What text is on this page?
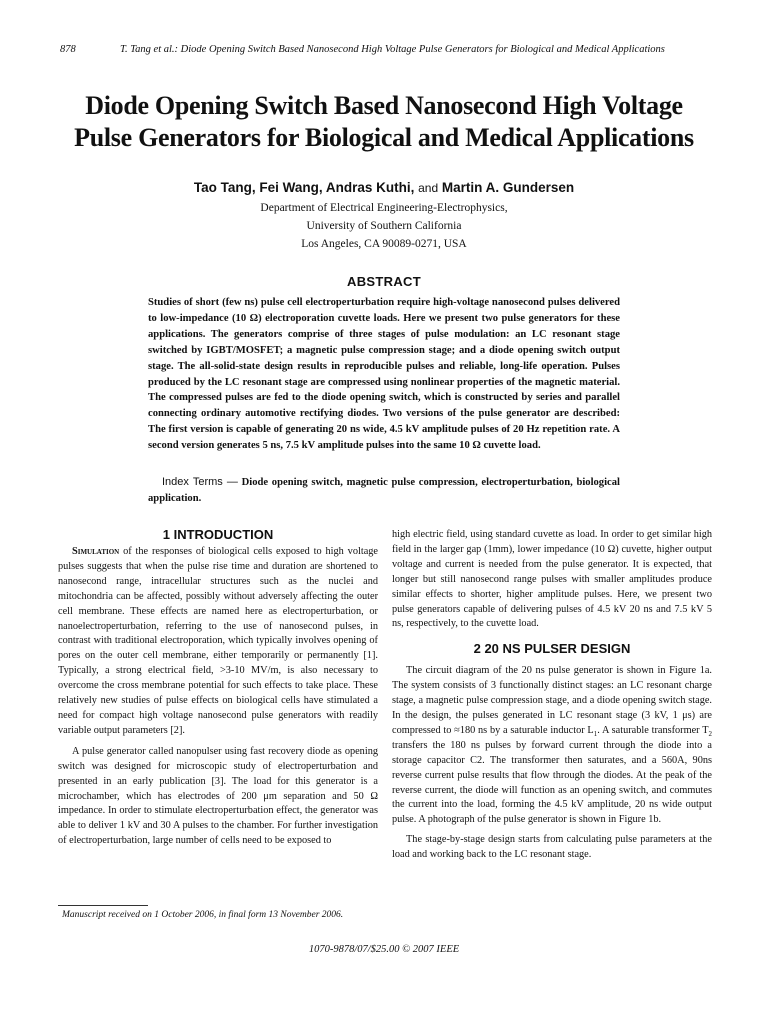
878	T. Tang et al.: Diode Opening Switch Based Nanosecond High Voltage Pulse Generators for Biological and Medical Applications
Diode Opening Switch Based Nanosecond High Voltage
Pulse Generators for Biological and Medical Applications
Tao Tang, Fei Wang, Andras Kuthi, and Martin A. Gundersen
Department of Electrical Engineering-Electrophysics,
University of Southern California
Los Angeles, CA 90089-0271, USA
ABSTRACT
Studies of short (few ns) pulse cell electroperturbation require high-voltage nanosecond pulses delivered to low-impedance (10 Ω) electroporation cuvette loads. Here we present two pulse generators for these applications. The generators comprise of three stages of pulse modulation: an LC resonant stage switched by IGBT/MOSFET; a magnetic pulse compression stage; and a diode opening switch output stage. The all-solid-state design results in reproducible pulses and reliable, long-life operation. Pulses produced by the LC resonant stage are compressed using nonlinear properties of the magnetic material. The compressed pulses are fed to the diode opening switch, which is constructed by series and parallel connecting ordinary automotive rectifying diodes. Two versions of the pulse generator are described: The first version is capable of generating 20 ns wide, 4.5 kV amplitude pulses of 20 Hz repetition rate. A second version generates 5 ns, 7.5 kV amplitude pulses into the same 10 Ω cuvette load.
Index Terms — Diode opening switch, magnetic pulse compression, electroperturbation, biological application.
1 INTRODUCTION

Simulation of the responses of biological cells exposed to high voltage pulses suggests that when the pulse rise time and duration are shortened to nanosecond range, intracellular structures such as the nuclei and mitochondria can be affected, possibly without adversely affecting the outer cell membrane. These effects are named here as electroperturbation, or nanoelectroperturbation, referring to the use of nanosecond pulses, in contrast with traditional electroporation, which typically involves opening of pores on the outer cell membrane, either temporarily or permanently [1]. Typically, a strong electrical field, >3-10 MV/m, is also necessary to overcome the cross membrane potential for such effects to take place. These relatively new studies of pulse effects on biological cells have stimulated a need for compact high voltage nanosecond pulse generators with readily variable output parameters [2].

A pulse generator called nanopulser using fast recovery diode as opening switch was designed for microscopic study of electroperturbation and presented in an early publication [3]. The load for this generator is a microchamber, which has electrodes of 200 μm separation and 50 Ω impedance. In order to stimulate electroperturbation effect, the generator was able to deliver 1 kV and 30 A pulses to the chamber. For further investigation of electroperturbation, large number of cells need to be exposed to

high electric field, using standard cuvette as load. In order to get similar high field in the larger gap (1mm), lower impedance (10 Ω) cuvette, higher output voltage and current is needed from the pulse generator. It is expected, that longer but still nanosecond range pulses with smaller amplitudes produce similar effects to shorter, higher amplitude pulses. Here, we present two pulse generators capable of delivering pulses of 4.5 kV 20 ns and 7.5 kV 5 ns, respectively, to the cuvette load.

2 20 NS PULSER DESIGN

The circuit diagram of the 20 ns pulse generator is shown in Figure 1a. The system consists of 3 functionally distinct stages: an LC resonant charge stage, a magnetic pulse compression stage, and a diode opening switch stage. In the design, the pulses generated in LC resonant stage (3 kV, 1 μs) are compressed to ≈180 ns by a saturable inductor $L_1$. A saturable transformer $T_2$ transfers the 180 ns pulses by forward current through the diode into a storage capacitor C2. The transformer then saturates, and a 560A, 90ns reverse current pulse results that flow through the diodes. At the peak of the reverse current, the diode will function as an opening switch, and commutes the current into the load, forming the 4.5 kV amplitude, 20 ns wide output pulse. A photograph of the pulse generator is shown in Figure 1b.

The stage-by-stage design starts from calculating pulse parameters at the load and working back to the LC resonant stage.

Manuscript received on 1 October 2006, in final form 13 November 2006.
1070-9878/07/$25.00 © 2007 IEEE
